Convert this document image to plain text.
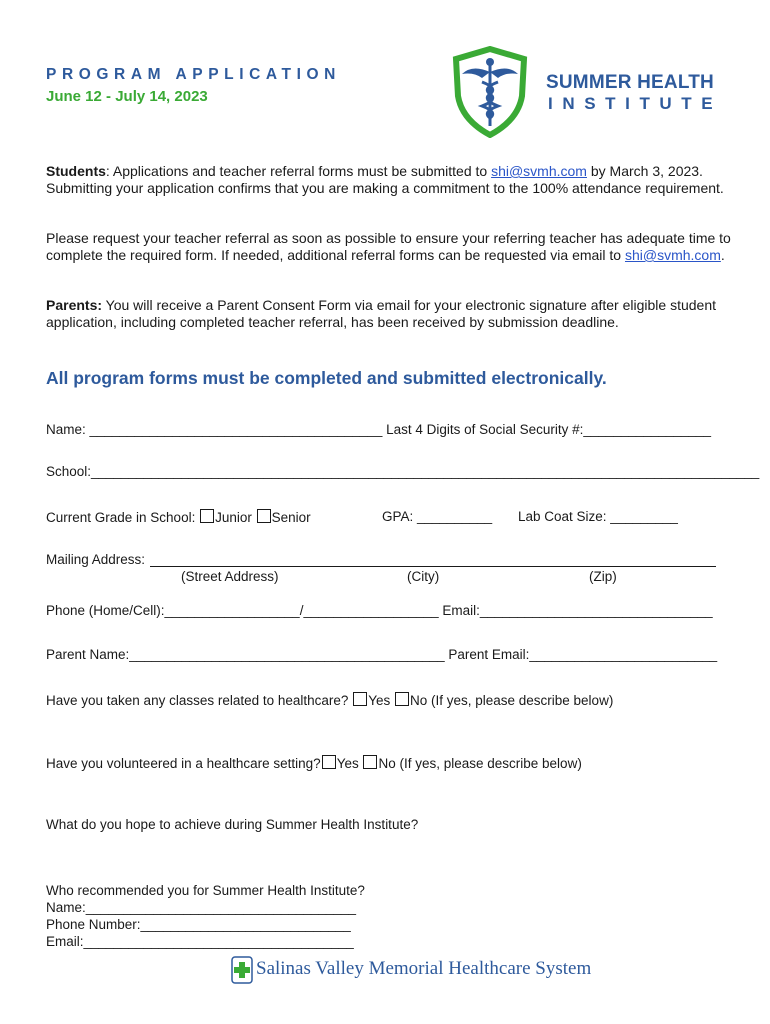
PROGRAM APPLICATION
June 12 - July 14, 2023
SUMMER HEALTH
INSTITUTE
Students: Applications and teacher referral forms must be submitted to shi@svmh.com by March 3, 2023. Submitting your application confirms that you are making a commitment to the 100% attendance requirement.
Please request your teacher referral as soon as possible to ensure your referring teacher has adequate time to complete the required form. If needed, additional referral forms can be requested via email to shi@svmh.com.
Parents: You will receive a Parent Consent Form via email for your electronic signature after eligible student application, including completed teacher referral, has been received by submission deadline.
All program forms must be completed and submitted electronically.
Name: _______________________________________ Last 4 Digits of Social Security #:_________________
School:_________________________________________________________________________________________
Current Grade in School: Junior Senior	GPA: __________ Lab Coat Size: _________
Mailing Address:
(Street Address)	(City)	(Zip)
Phone (Home/Cell):__________________/__________________ Email:_______________________________
Parent Name:__________________________________________ Parent Email:_________________________
Have you taken any classes related to healthcare? Yes No (If yes, please describe below)
Have you volunteered in a healthcare setting? Yes No (If yes, please describe below)
What do you hope to achieve during Summer Health Institute?
Who recommended you for Summer Health Institute?
Name:____________________________________
Phone Number:____________________________
Email:____________________________________
Salinas Valley Memorial Healthcare System
